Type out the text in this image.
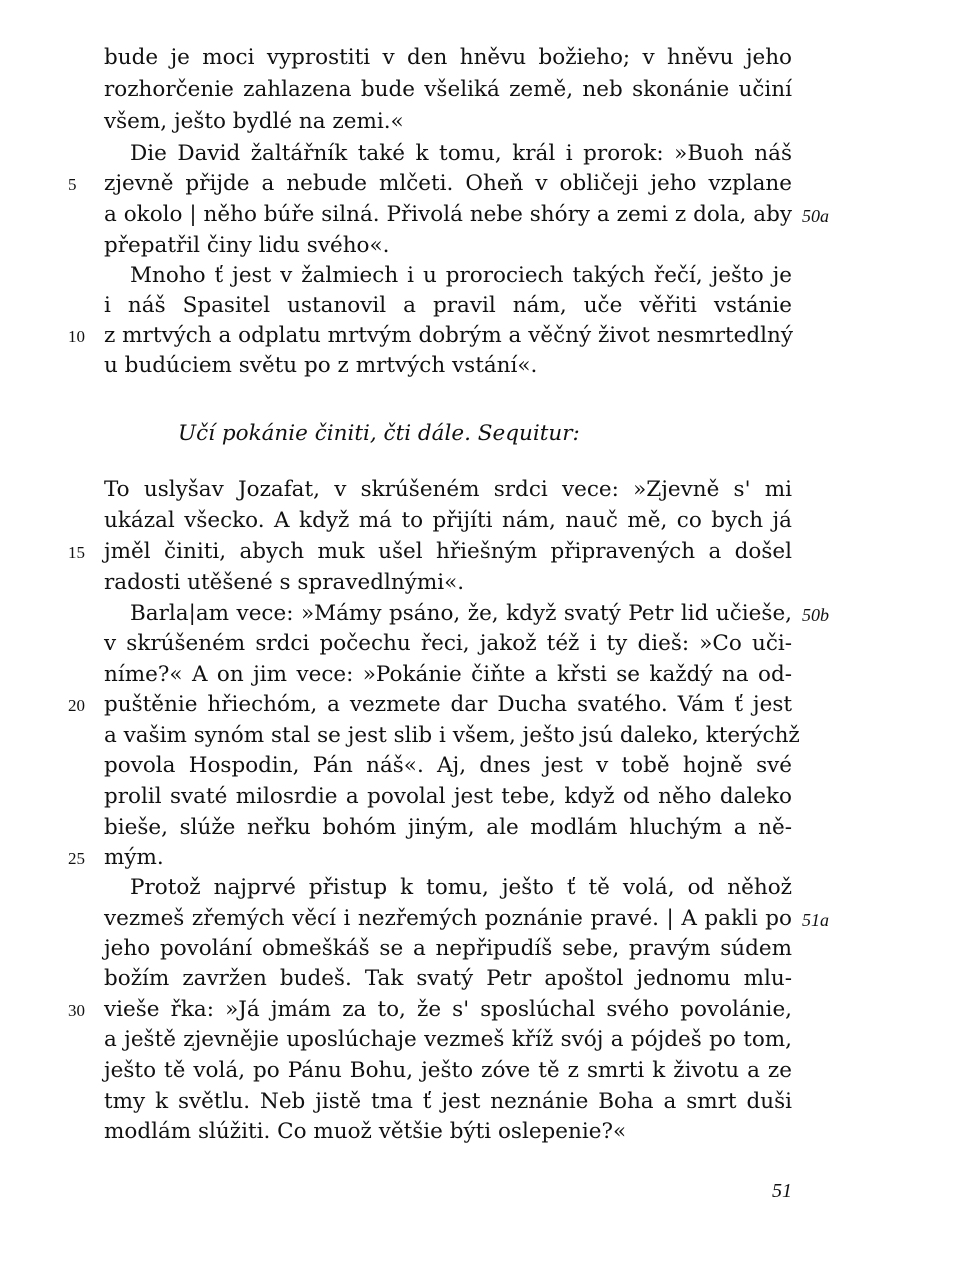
bude je moci vyprostiti v den hněvu božieho; v hněvu jeho
rozhorčenie zahlazena bude všeliká země, neb skonánie učiní
všem, ješto bydlé na zemi.«
Die David žaltářník také k tomu, král i prorok: »Buoh náš
zjevně přijde a nebude mlčeti. Oheň v obličeji jeho vzplane
a okolo | něho búře silná. Přivolá nebe shóry a zemi z dola, aby
přepatřil činy lidu svého«.
Mnoho ť jest v žalmiech i u prorociech takých řečí, ješto je
i náš Spasitel ustanovil a pravil nám, uče věřiti vstánie
z mrtvých a odplatu mrtvým dobrým a věčný život nesmrtedlný
u budúciem světu po z mrtvých vstání«.
Učí pokánie činiti, čti dále. Sequitur:
To uslyšav Jozafat, v skrúšeném srdci vece: »Zjevně s' mi
ukázal všecko. A když má to přijíti nám, nauč mě, co bych já
jměl činiti, abych muk ušel hřiešným připravených a došel
radosti utěšené s spravedlnými«.
Barla|am vece: »Mámy psáno, že, když svatý Petr lid učieše,
v skrúšeném srdci počechu řeci, jakož též i ty dieš: »Co uči-
níme?« A on jim vece: »Pokánie čiňte a křsti se každý na od-
puštěnie hřiechóm, a vezmete dar Ducha svatého. Vám ť jest
a vašim synóm stal se jest slib i všem, ješto jsú daleko, kterýchž
povola Hospodin, Pán náš«. Aj, dnes jest v tobě hojně své
prolil svaté milosrdie a povolal jest tebe, když od něho daleko
bieše, slúže neřku bohóm jiným, ale modlám hluchým a ně-
mým.
Protož najprvé přistup k tomu, ješto ť tě volá, od něhož
vezmeš zřemých věcí i nezřemých poznánie pravé. | A pakli po
jeho povolání obmeškáš se a nepřipudíš sebe, pravým súdem
božím zavržen budeš. Tak svatý Petr apoštol jednomu mlu-
vieše řka: »Já jmám za to, že s' sposlúchal svého povolánie,
a ještě zjevnějie uposlúchaje vezmeš kříž svój a pójdeš po tom,
ješto tě volá, po Pánu Bohu, ješto zóve tě z smrti k životu a ze
tmy k světlu. Neb jistě tma ť jest neznánie Boha a smrt duši
modlám slúžiti. Co muož většie býti oslepenie?«
5
10
15
20
25
30
50a
50b
51a
51
